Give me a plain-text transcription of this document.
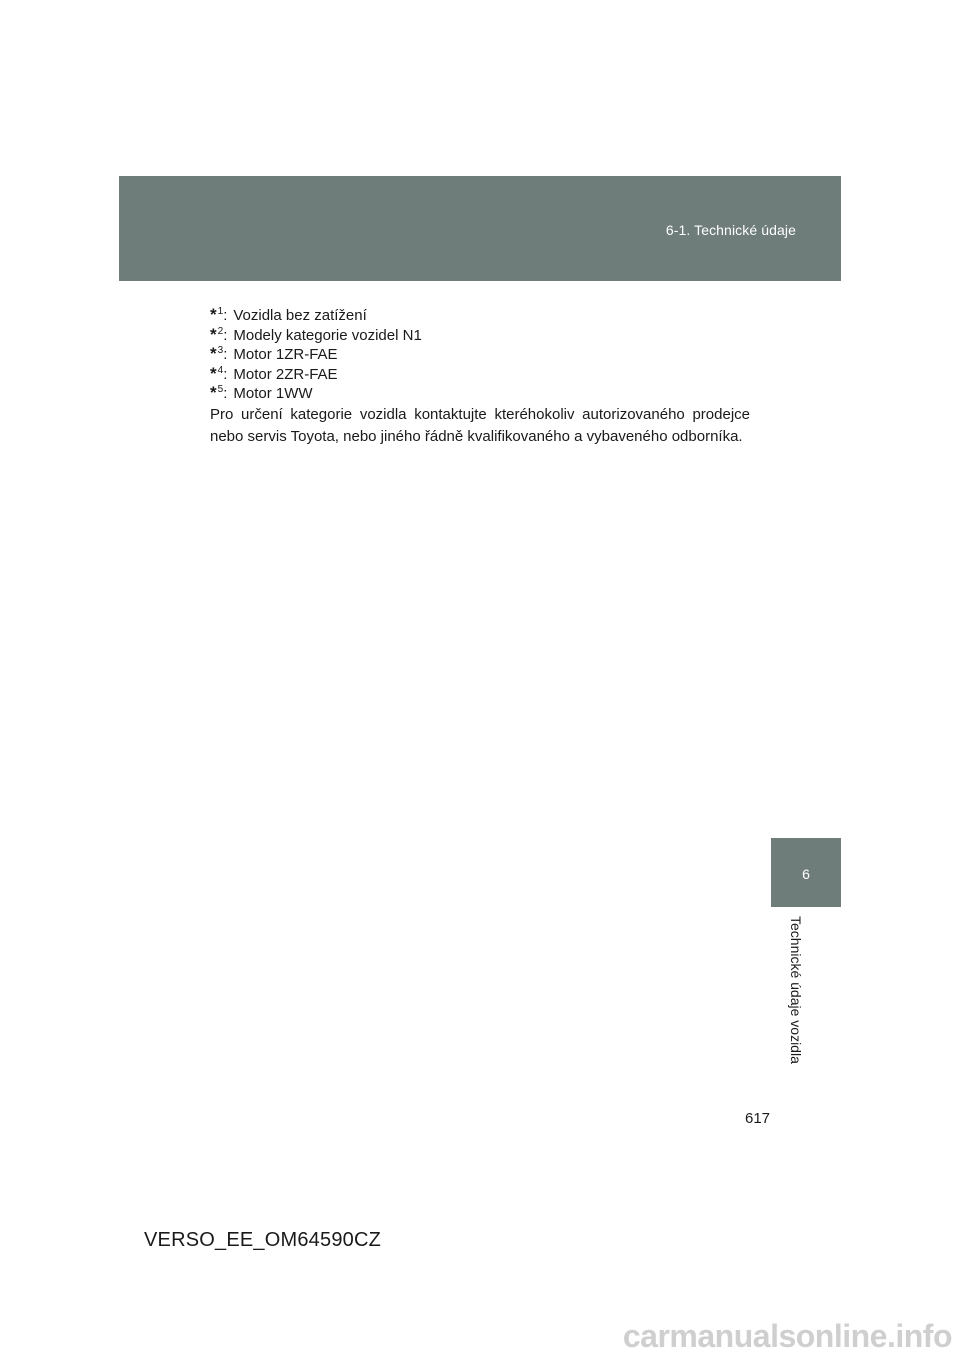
6-1. Technické údaje
*$^1$: Vozidla bez zatížení
*$^2$: Modely kategorie vozidel N1
*$^3$: Motor 1ZR-FAE
*$^4$: Motor 2ZR-FAE
*$^5$: Motor 1WW

Pro určení kategorie vozidla kontaktujte kteréhokoliv autorizovaného prodejce nebo servis Toyota, nebo jiného řádně kvalifikovaného a vybaveného odborníka.

6
Technické údaje vozidla
617
VERSO_EE_OM64590CZ
carmanualsonline.info
